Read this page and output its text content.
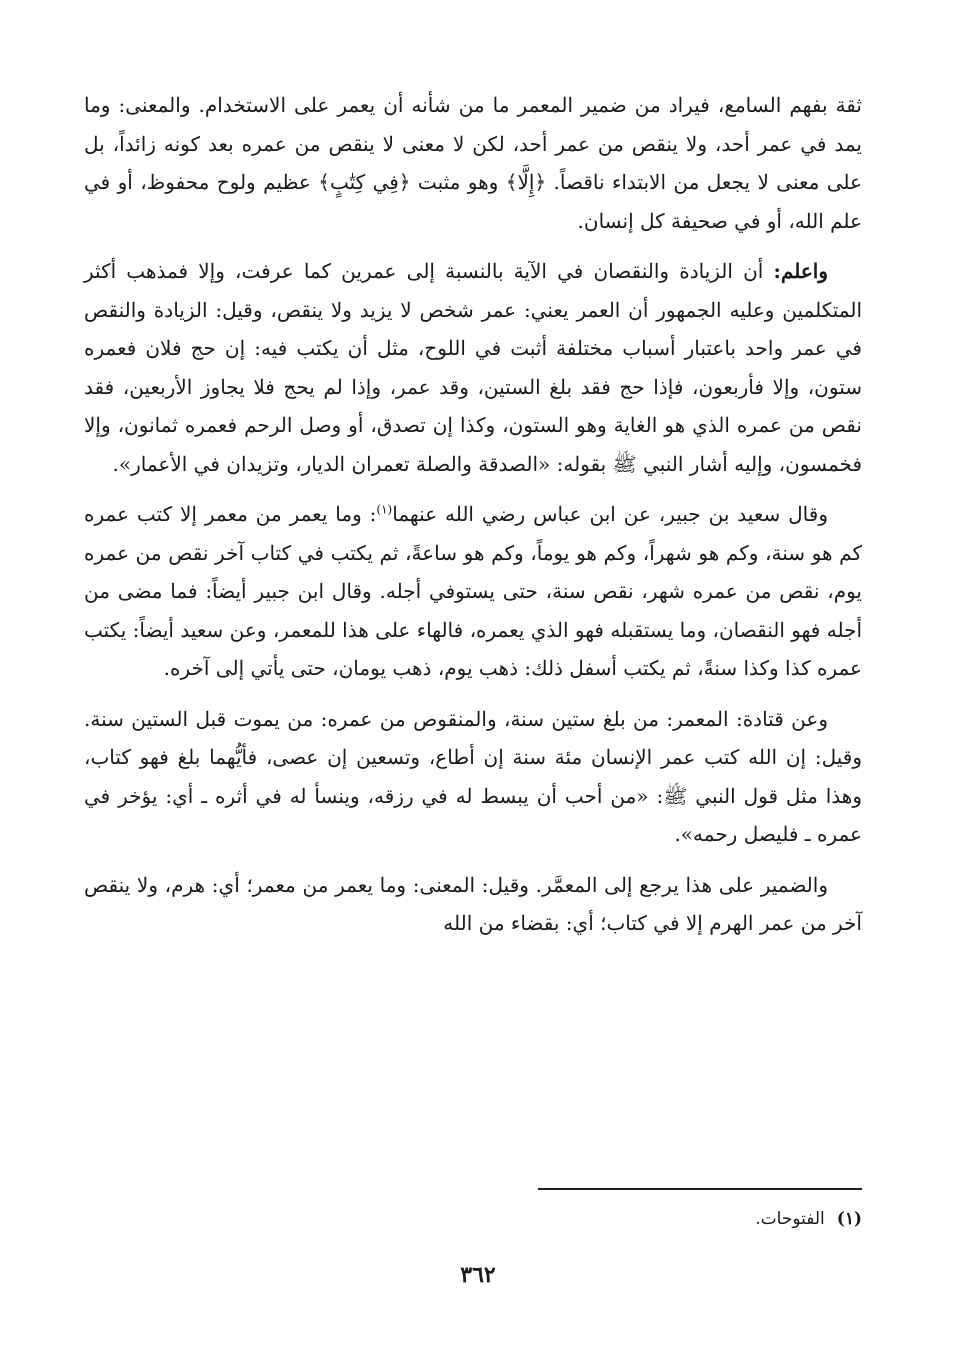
ثقة بفهم السامع، فيراد من ضمير المعمر ما من شأنه أن يعمر على الاستخدام. والمعنى: وما يمد في عمر أحد، ولا ينقص من عمر أحد، لكن لا معنى لا ينقص من عمره بعد كونه زائداً، بل على معنى لا يجعل من الابتداء ناقصاً. ﴿إِلَّا﴾ وهو مثبت ﴿فِي كِتَٰبٍ﴾ عظيم ولوح محفوظ، أو في علم الله، أو في صحيفة كل إنسان.

واعلم: أن الزيادة والنقصان في الآية بالنسبة إلى عمرين كما عرفت، وإلا فمذهب أكثر المتكلمين وعليه الجمهور أن العمر يعني: عمر شخص لا يزيد ولا ينقص، وقيل: الزيادة والنقص في عمر واحد باعتبار أسباب مختلفة أثبت في اللوح، مثل أن يكتب فيه: إن حج فلان فعمره ستون، وإلا فأربعون، فإذا حج فقد بلغ الستين، وقد عمر، وإذا لم يحج فلا يجاوز الأربعين، فقد نقص من عمره الذي هو الغاية وهو الستون، وكذا إن تصدق، أو وصل الرحم فعمره ثمانون، وإلا فخمسون، وإليه أشار النبي ﷺ بقوله: «الصدقة والصلة تعمران الديار، وتزيدان في الأعمار».

وقال سعيد بن جبير، عن ابن عباس رضي الله عنهما$^{(١)}$: وما يعمر من معمر إلا كتب عمره كم هو سنة، وكم هو شهراً، وكم هو يوماً، وكم هو ساعةً، ثم يكتب في كتاب آخر نقص من عمره يوم، نقص من عمره شهر، نقص سنة، حتى يستوفي أجله. وقال ابن جبير أيضاً: فما مضى من أجله فهو النقصان، وما يستقبله فهو الذي يعمره، فالهاء على هذا للمعمر، وعن سعيد أيضاً: يكتب عمره كذا وكذا سنةً، ثم يكتب أسفل ذلك: ذهب يوم، ذهب يومان، حتى يأتي إلى آخره.

وعن قتادة: المعمر: من بلغ ستين سنة، والمنقوص من عمره: من يموت قبل الستين سنة. وقيل: إن الله كتب عمر الإنسان مئة سنة إن أطاع، وتسعين إن عصى، فأيُّهما بلغ فهو كتاب، وهذا مثل قول النبي ﷺ: «من أحب أن يبسط له في رزقه، وينسأ له في أثره ـ أي: يؤخر في عمره ـ فليصل رحمه».

والضمير على هذا يرجع إلى المعمَّر. وقيل: المعنى: وما يعمر من معمر؛ أي: هرم، ولا ينقص آخر من عمر الهرم إلا في كتاب؛ أي: بقضاء من الله

(١)الفتوحات.
٣٦٢
